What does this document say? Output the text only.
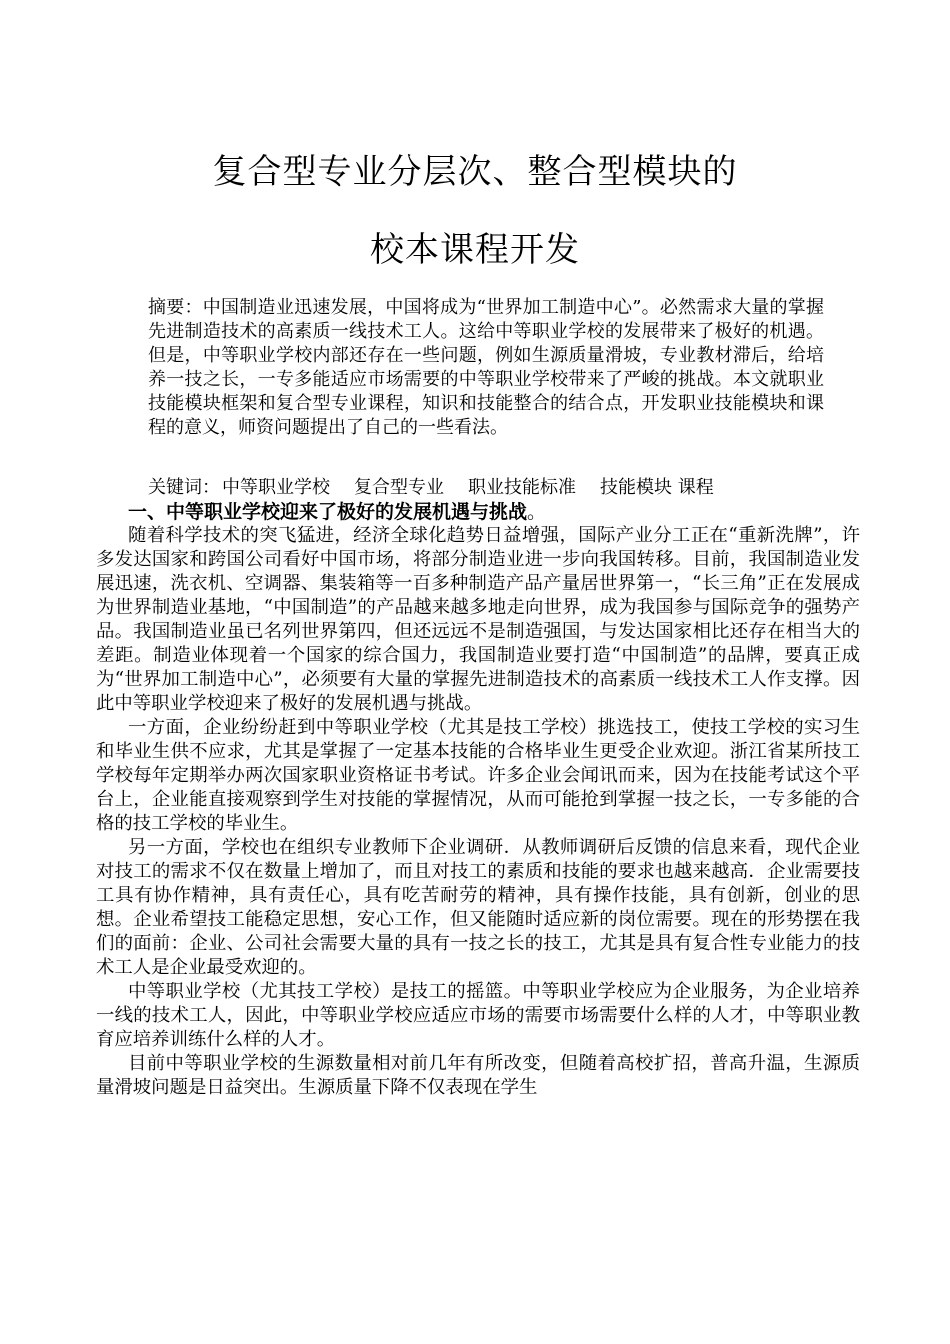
复合型专业分层次、整合型模块的
校本课程开发

摘要：中国制造业迅速发展，中国将成为“世界加工制造中心”。必然需求大量的掌握先进制造技术的高素质一线技术工人。这给中等职业学校的发展带来了极好的机遇。但是，中等职业学校内部还存在一些问题，例如生源质量滑坡，专业教材滞后，给培养一技之长，一专多能适应市场需要的中等职业学校带来了严峻的挑战。本文就职业技能模块框架和复合型专业课程，知识和技能整合的结合点，开发职业技能模块和课程的意义，师资问题提出了自己的一些看法。

关键词： 中等职业学校 复合型专业 职业技能标准 技能模块 课程

一、中等职业学校迎来了极好的发展机遇与挑战。

随着科学技术的突飞猛进，经济全球化趋势日益增强，国际产业分工正在“重新洗牌”，许多发达国家和跨国公司看好中国市场，将部分制造业进一步向我国转移。目前，我国制造业发展迅速，洗衣机、空调器、集装箱等一百多种制造产品产量居世界第一，“长三角”正在发展成为世界制造业基地，“中国制造”的产品越来越多地走向世界，成为我国参与国际竞争的强势产品。我国制造业虽已名列世界第四，但还远远不是制造强国，与发达国家相比还存在相当大的差距。制造业体现着一个国家的综合国力，我国制造业要打造“中国制造”的品牌，要真正成为“世界加工制造中心”，必须要有大量的掌握先进制造技术的高素质一线技术工人作支撑。因此中等职业学校迎来了极好的发展机遇与挑战。

一方面，企业纷纷赶到中等职业学校（尤其是技工学校）挑选技工，使技工学校的实习生和毕业生供不应求，尤其是掌握了一定基本技能的合格毕业生更受企业欢迎。浙江省某所技工学校每年定期举办两次国家职业资格证书考试。许多企业会闻讯而来，因为在技能考试这个平台上，企业能直接观察到学生对技能的掌握情况，从而可能抢到掌握一技之长，一专多能的合格的技工学校的毕业生。

另一方面，学校也在组织专业教师下企业调研．从教师调研后反馈的信息来看，现代企业对技工的需求不仅在数量上增加了，而且对技工的素质和技能的要求也越来越高．企业需要技工具有协作精神，具有责任心，具有吃苦耐劳的精神，具有操作技能，具有创新，创业的思想。企业希望技工能稳定思想，安心工作，但又能随时适应新的岗位需要。现在的形势摆在我们的面前：企业、公司社会需要大量的具有一技之长的技工，尤其是具有复合性专业能力的技术工人是企业最受欢迎的。

中等职业学校（尤其技工学校）是技工的摇篮。中等职业学校应为企业服务，为企业培养一线的技术工人，因此，中等职业学校应适应市场的需要市场需要什么样的人才，中等职业教育应培养训练什么样的人才。

目前中等职业学校的生源数量相对前几年有所改变，但随着高校扩招，普高升温，生源质量滑坡问题是日益突出。生源质量下降不仅表现在学生
